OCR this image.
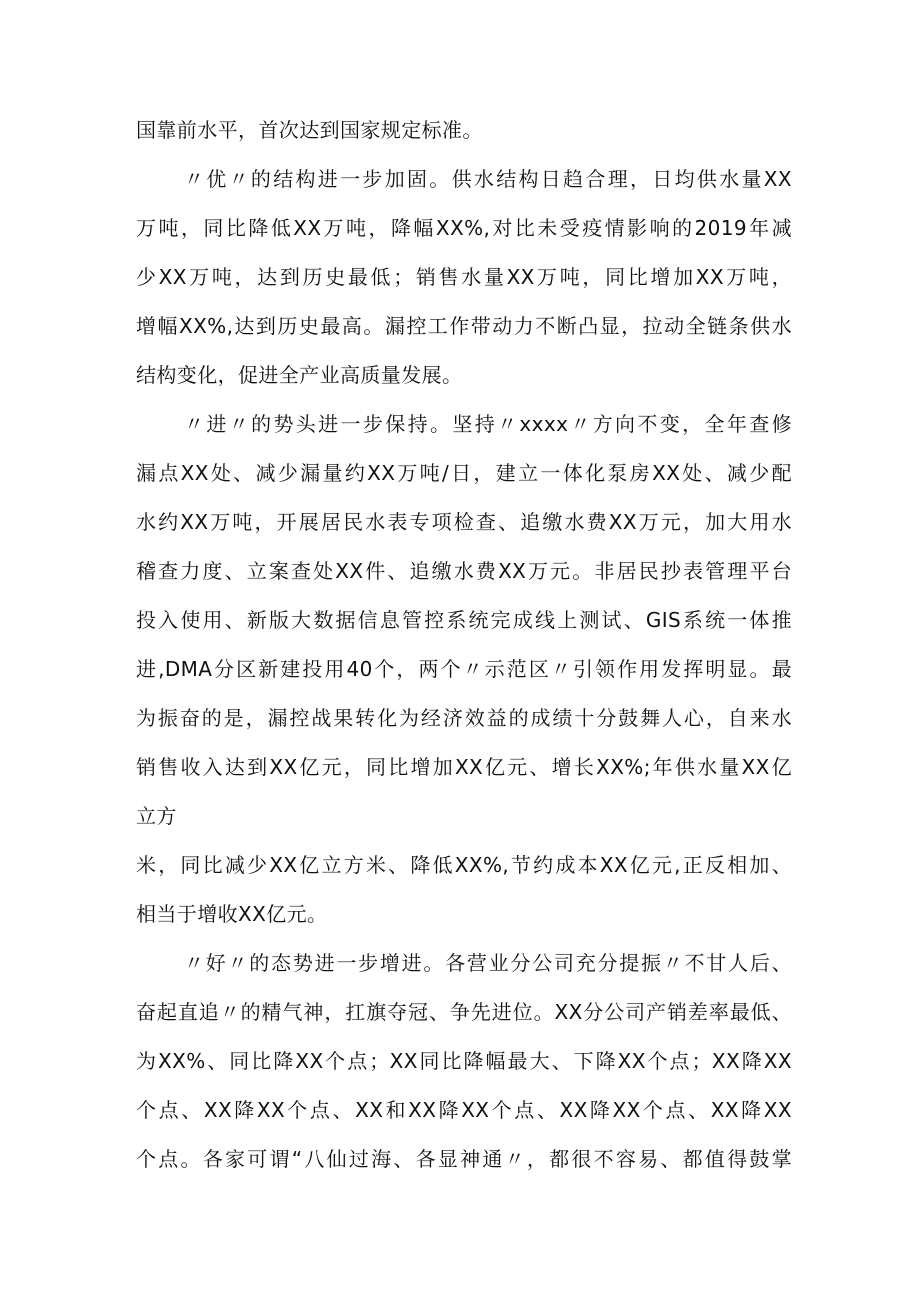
国靠前水平，首次达到国家规定标准。
〃优〃的结构进一步加固。供水结构日趋合理，日均供水量XX
万吨，同比降低XX万吨，降幅XX%,对比未受疫情影响的2019年减
少XX万吨，达到历史最低；销售水量XX万吨，同比增加XX万吨，
增幅XX%,达到历史最高。漏控工作带动力不断凸显，拉动全链条供水
结构变化，促进全产业高质量发展。
〃进〃的势头进一步保持。坚持〃xxxx〃方向不变，全年查修
漏点XX处、减少漏量约XX万吨/日，建立一体化泵房XX处、减少配
水约XX万吨，开展居民水表专项检查、追缴水费XX万元，加大用水
稽查力度、立案查处XX件、追缴水费XX万元。非居民抄表管理平台
投入使用、新版大数据信息管控系统完成线上测试、GIS系统一体推
进,DMA分区新建投用40个，两个〃示范区〃引领作用发挥明显。最
为振奋的是，漏控战果转化为经济效益的成绩十分鼓舞人心，自来水
销售收入达到XX亿元，同比增加XX亿元、增长XX%;年供水量XX亿
立方
米，同比减少XX亿立方米、降低XX%,节约成本XX亿元,正反相加、
相当于增收XX亿元。
〃好〃的态势进一步增进。各营业分公司充分提振〃不甘人后、
奋起直追〃的精气神，扛旗夺冠、争先进位。XX分公司产销差率最低、
为XX%、同比降XX个点；XX同比降幅最大、下降XX个点；XX降XX
个点、XX降XX个点、XX和XX降XX个点、XX降XX个点、XX降XX
个点。各家可谓“八仙过海、各显神通〃，都很不容易、都值得鼓掌
